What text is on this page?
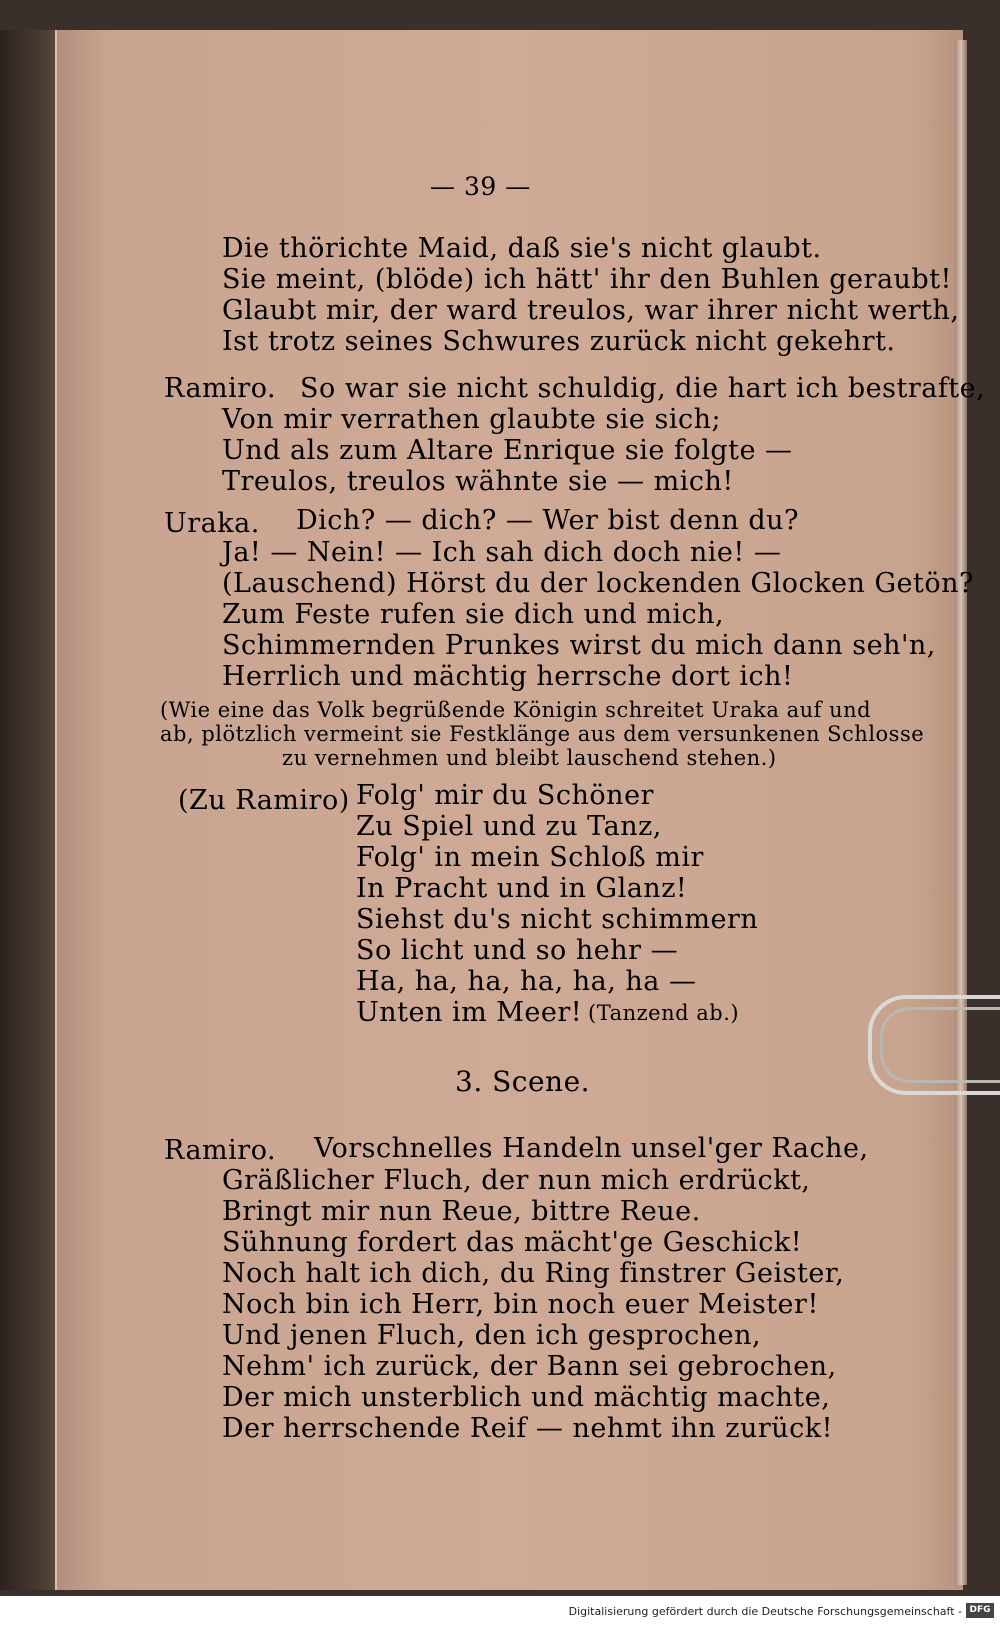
— 39 —
Die thörichte Maid, daß sie's nicht glaubt.
Sie meint, (blöde) ich hätt' ihr den Buhlen geraubt!
Glaubt mir, der ward treulos, war ihrer nicht werth,
Ist trotz seines Schwures zurück nicht gekehrt.
Ramiro. So war sie nicht schuldig, die hart ich bestrafte,
Von mir verrathen glaubte sie sich;
Und als zum Altare Enrique sie folgte —
Treulos, treulos wähnte sie — mich!
Uraka. Dich? — dich? — Wer bist denn du?
Ja! — Nein! — Ich sah dich doch nie! —
(Lauschend) Hörst du der lockenden Glocken Getön?
Zum Feste rufen sie dich und mich,
Schimmernden Prunkes wirst du mich dann seh'n,
Herrlich und mächtig herrsche dort ich!
(Wie eine das Volk begrüßende Königin schreitet Uraka auf und
ab, plötzlich vermeint sie Festklänge aus dem versunkenen Schlosse
zu vernehmen und bleibt lauschend stehen.)
(Zu Ramiro) Folg' mir du Schöner
Zu Spiel und zu Tanz,
Folg' in mein Schloß mir
In Pracht und in Glanz!
Siehst du's nicht schimmern
So licht und so hehr —
Ha, ha, ha, ha, ha, ha —
Unten im Meer! (Tanzend ab.)
3. Scene.
Ramiro. Vorschnelles Handeln unsel'ger Rache,
Gräßlicher Fluch, der nun mich erdrückt,
Bringt mir nun Reue, bittre Reue.
Sühnung fordert das mächt'ge Geschick!
Noch halt ich dich, du Ring finstrer Geister,
Noch bin ich Herr, bin noch euer Meister!
Und jenen Fluch, den ich gesprochen,
Nehm' ich zurück, der Bann sei gebrochen,
Der mich unsterblich und mächtig machte,
Der herrschende Reif — nehmt ihn zurück!
Digitalisierung gefördert durch die Deutsche Forschungsgemeinschaft - DFG
